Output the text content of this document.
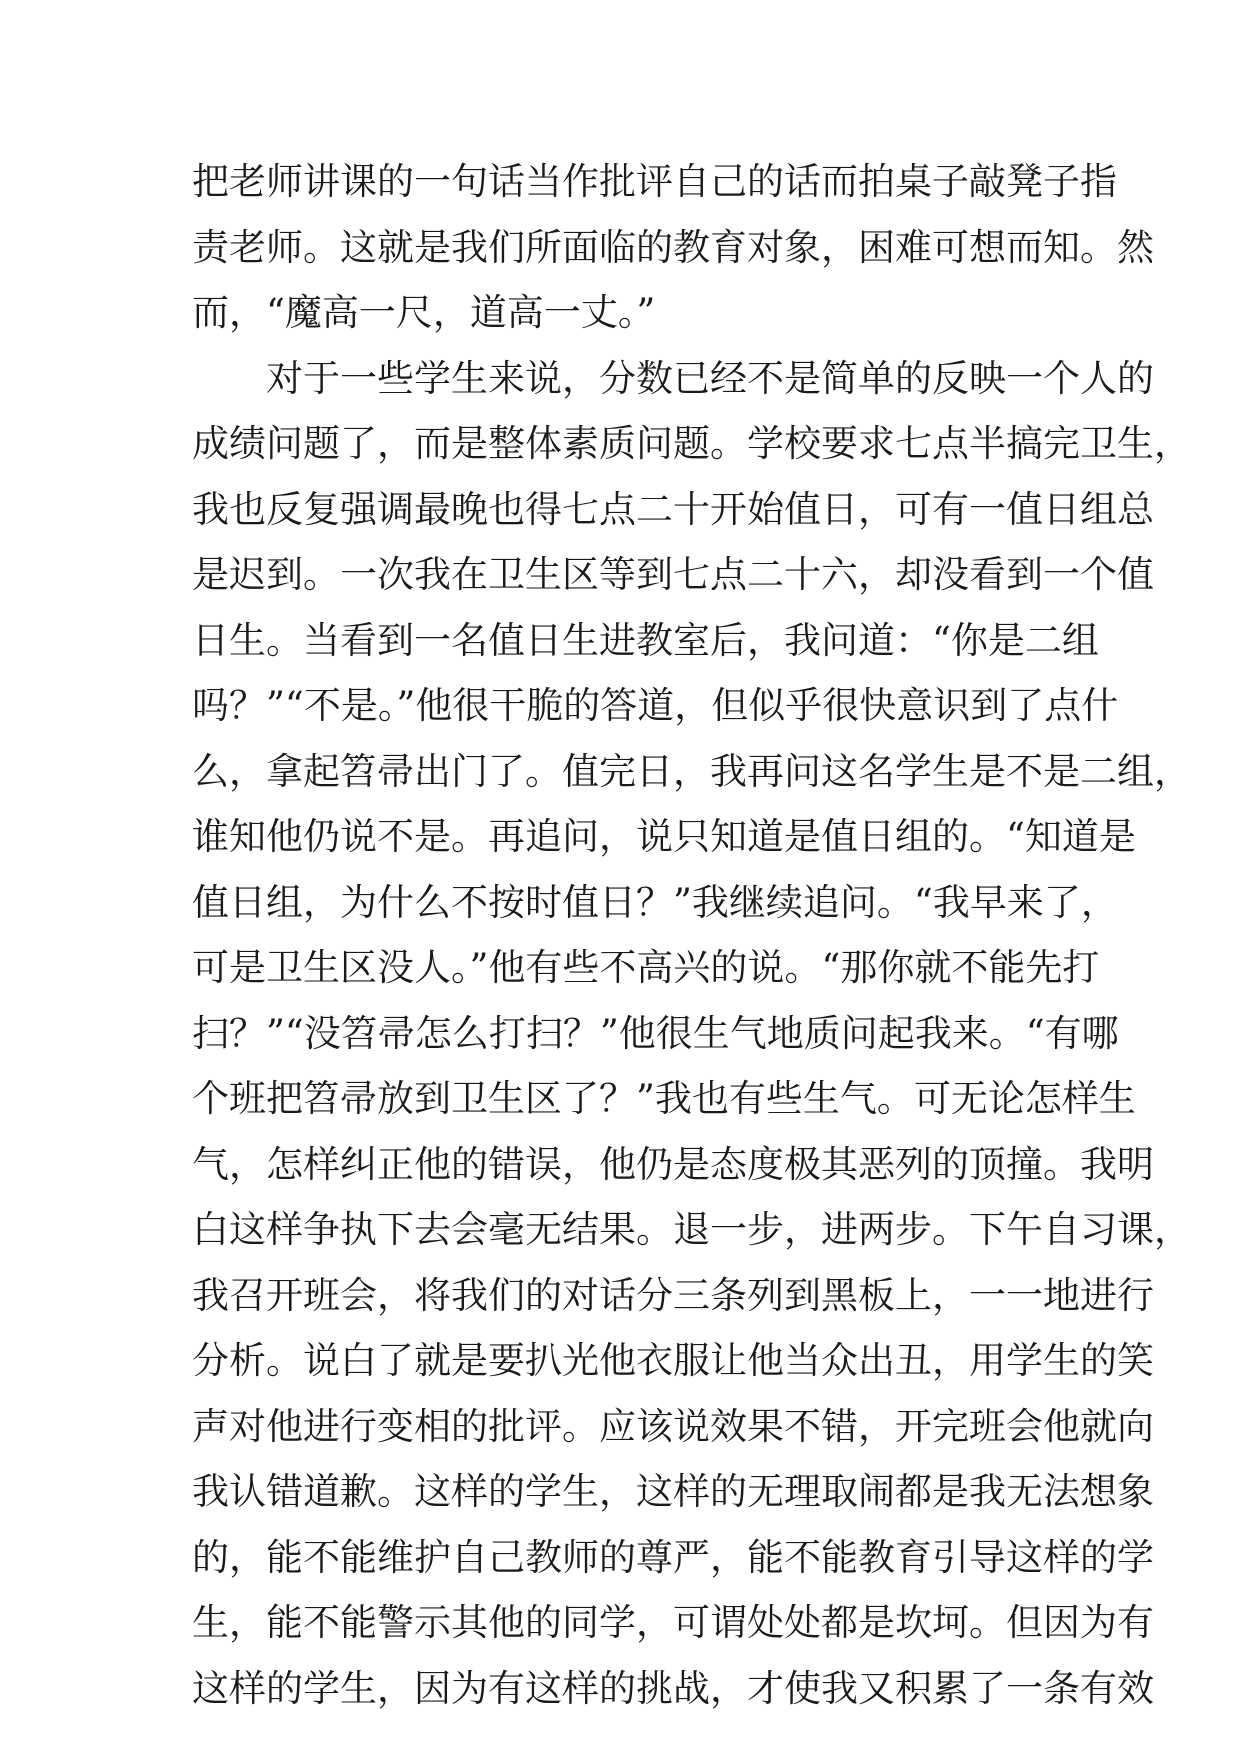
把老师讲课的一句话当作批评自己的话而拍桌子敲凳子指
责老师。这就是我们所面临的教育对象，困难可想而知。然
而，“魔高一尺，道高一丈。”
对于一些学生来说，分数已经不是简单的反映一个人的
成绩问题了，而是整体素质问题。学校要求七点半搞完卫生，
我也反复强调最晚也得七点二十开始值日，可有一值日组总
是迟到。一次我在卫生区等到七点二十六，却没看到一个值
日生。当看到一名值日生进教室后，我问道：“你是二组
吗？”“不是。”他很干脆的答道，但似乎很快意识到了点什
么，拿起笤帚出门了。值完日，我再问这名学生是不是二组，
谁知他仍说不是。再追问，说只知道是值日组的。“知道是
值日组，为什么不按时值日？”我继续追问。“我早来了，
可是卫生区没人。”他有些不高兴的说。“那你就不能先打
扫？”“没笤帚怎么打扫？”他很生气地质问起我来。“有哪
个班把笤帚放到卫生区了？”我也有些生气。可无论怎样生
气，怎样纠正他的错误，他仍是态度极其恶列的顶撞。我明
白这样争执下去会毫无结果。退一步，进两步。下午自习课，
我召开班会，将我们的对话分三条列到黑板上，一一地进行
分析。说白了就是要扒光他衣服让他当众出丑，用学生的笑
声对他进行变相的批评。应该说效果不错，开完班会他就向
我认错道歉。这样的学生，这样的无理取闹都是我无法想象
的，能不能维护自己教师的尊严，能不能教育引导这样的学
生，能不能警示其他的同学，可谓处处都是坎坷。但因为有
这样的学生，因为有这样的挑战，才使我又积累了一条有效
